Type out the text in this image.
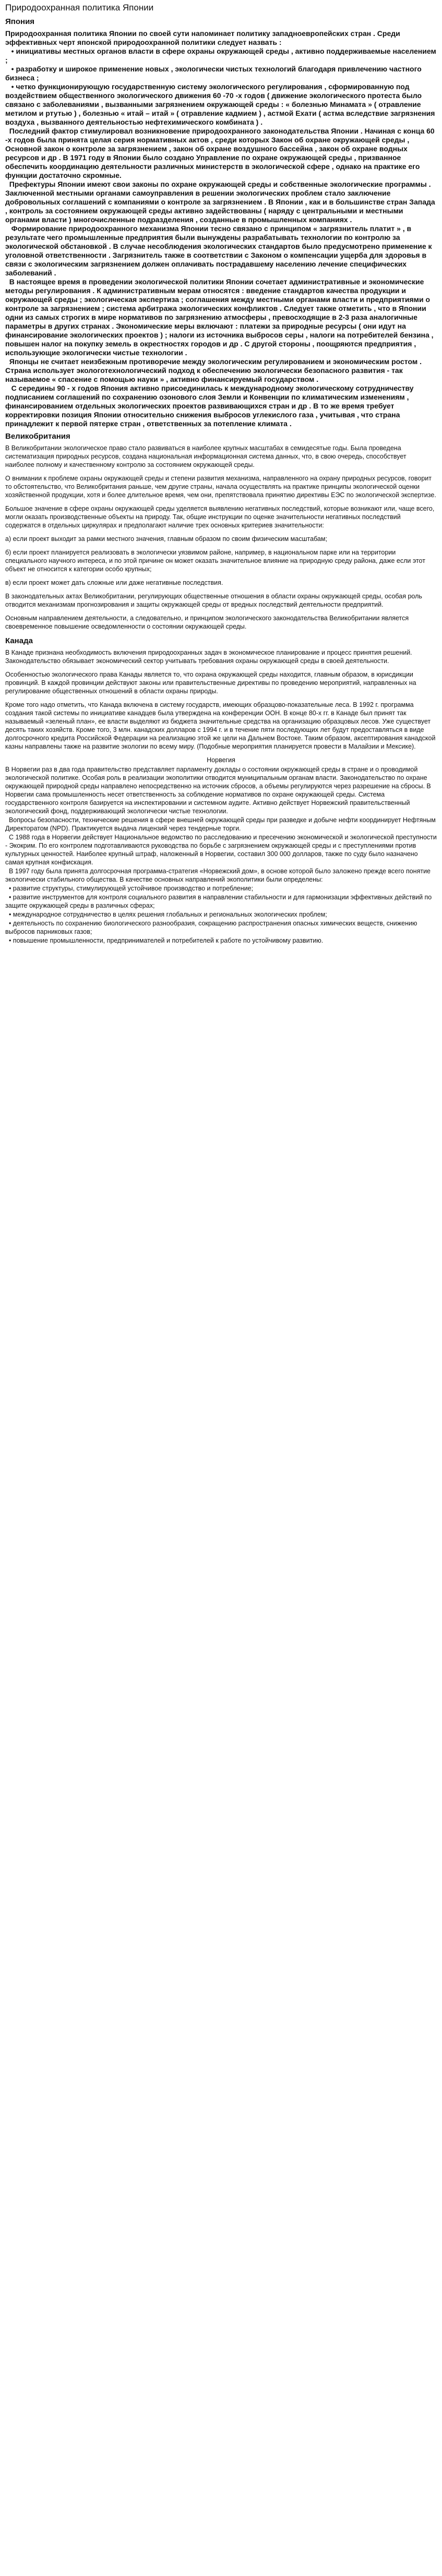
Природоохранная политика Японии
Япония

Природоохранная политика Японии по своей сути напоминает политику западноевропейских стран . Среди эффективных черт японской природоохранной политики следует назвать :

• инициативы местных органов власти в сфере охраны окружающей среды , активно поддерживаемые населением ;

• разработку и широкое применение новых , экологически чистых технологий благодаря привлечению частного бизнеса ;

• четко функционирующую государственную систему экологического регулирования , сформированную под воздействием общественного экологического движения 60 -70 -х годов ( движение экологического протеста было связано с заболеваниями , вызванными загрязнением окружающей среды : « болезнью Минамата » ( отравление метилом и ртутью ) , болезнью « итай – итай » ( отравление кадмием ) , астмой Ехати ( астма вследствие загрязнения воздуха , вызванного деятельностью нефтехимического комбината ) .

Последний фактор стимулировал возникновение природоохранного законодательства Японии . Начиная с конца 60 -х годов была принята целая серия нормативных актов , среди которых Закон об охране окружающей среды , Основной закон о контроле за загрязнением , закон об охране воздушного бассейна , закон об охране водных ресурсов и др . В 1971 году в Японии было создано Управление по охране окружающей среды , призванное обеспечить координацию деятельности различных министерств в экологической сфере , однако на практике его функции достаточно скромные.

Префектуры Японии имеют свои законы по охране окружающей среды и собственные экологические программы . Заключенной местными органами самоуправления в решении экологических проблем стало заключение добровольных соглашений с компаниями о контроле за загрязнением . В Японии , как и в большинстве стран Запада , контроль за состоянием окружающей среды активно задействованы ( наряду с центральными и местными органами власти ) многочисленные подразделения , созданные в промышленных компаниях .

Формирование природоохранного механизма Японии тесно связано с принципом « загрязнитель платит » , в результате чего промышленные предприятия были вынуждены разрабатывать технологии по контролю за экологической обстановкой . В случае несоблюдения экологических стандартов было предусмотрено применение к уголовной ответственности . Загрязнитель также в соответствии с Законом о компенсации ущерба для здоровья в связи с экологическим загрязнением должен оплачивать пострадавшему населению лечение специфических заболеваний .

В настоящее время в проведении экологической политики Японии сочетает административные и экономические методы регулирования . К административным мерам относятся : введение стандартов качества продукции и окружающей среды ; экологическая экспертиза ; соглашения между местными органами власти и предприятиями о контроле за загрязнением ; система арбитража экологических конфликтов . Следует также отметить , что в Японии одни из самых строгих в мире нормативов по загрязнению атмосферы , превосходящие в 2-3 раза аналогичные параметры в других странах . Экономические меры включают : платежи за природные ресурсы ( они идут на финансирование экологических проектов ) ; налоги из источника выбросов серы , налоги на потребителей бензина , повышен налог на покупку земель в окрестностях городов и др . С другой стороны , поощряются предприятия , использующие экологически чистые технологии .

Японцы не считает неизбежным противоречие между экологическим регулированием и экономическим ростом . Страна использует экологотехнологический подход к обеспечению экологически безопасного развития - так называемое « спасение с помощью науки » , активно финансируемый государством .

С середины 90 - х годов Япония активно присоединилась к международному экологическому сотрудничеству подписанием соглашений по сохранению озонового слоя Земли и Конвенции по климатическим изменениям , финансированием отдельных экологических проектов развивающихся стран и др . В то же время требует корректировки позиция Японии относительно снижения выбросов углекислого газа , учитывая , что страна принадлежит к первой пятерке стран , ответственных за потепление климата .

Великобритания

В Великобритании экологическое право стало развиваться в наиболее крупных масштабах в семидесятые годы. Была проведена систематизация природных ресурсов, создана национальная информационная система данных, что, в свою очередь, способствует наиболее полному и качественному контролю за состоянием окружающей среды.

О внимании к проблеме охраны окружающей среды и степени развития механизма, направленного на охрану природных ресурсов, говорит то обстоятельство, что Великобритания раньше, чем другие страны, начала осуществлять на практике принципы экологической оценки хозяйственной продукции, хотя и более длительное время, чем они, препятствовала принятию директивы ЕЭС по экологической экспертизе.

Большое значение в сфере охраны окружающей среды уделяется выявлению негативных последствий, которые возникают или, чаще всего, могли оказать производственные объекты на природу. Так, общие инструкции по оценке значительности негативных последствий содержатся в отдельных циркулярах и предполагают наличие трех основных критериев значительности:

а) если проект выходит за рамки местного значения, главным образом по своим физическим масштабам;

б) если проект планируется реализовать в экологически уязвимом районе, например, в национальном парке или на территории специального научного интереса, и по этой причине он может оказать значительное влияние на природную среду района, даже если этот объект не относится к категории особо крупных;

в) если проект может дать сложные или даже негативные последствия.

В законодательных актах Великобритании, регулирующих общественные отношения в области охраны окружающей среды, особая роль отводится механизмам прогнозирования и защиты окружающей среды от вредных последствий деятельности предприятий.

Основным направлением деятельности, а следовательно, и принципом экологического законодательства Великобритании является своевременное повышение осведомленности о состоянии окружающей среды.

Канада

В Канаде признана необходимость включения природоохранных задач в экономическое планирование и процесс принятия решений. Законодательство обязывает экономический сектор учитывать требования охраны окружающей среды в своей деятельности.

Особенностью экологического права Канады является то, что охрана окружающей среды находится, главным образом, в юрисдикции провинций. В каждой провинции действуют законы или правительственные директивы по проведению мероприятий, направленных на регулирование общественных отношений в области охраны природы.

Кроме того надо отметить, что Канада включена в систему государств, имеющих образцово-показательные леса. В 1992 г. программа создания такой системы по инициативе канадцев была утверждена на конференции ООН. В конце 80-х гг. в Канаде был принят так называемый «зеленый план», ее власти выделяют из бюджета значительные средства на организацию образцовых лесов. Уже существует десять таких хозяйств. Кроме того, 3 млн. канадских долларов с 1994 г. и в течение пяти последующих лет будут предоставляться в виде долгосрочного кредита Российской Федерации на реализацию этой же цели на Дальнем Востоке. Таким образом, аксептирования канадской казны направлены также на развитие экологии по всему миру. (Подобные мероприятия планируется провести в Малайзии и Мексике).

Норвегия

В Норвегии раз в два года правительство представляет парламенту доклады о состоянии окружающей среды в стране и о проводимой экологической политике. Особая роль в реализации экополитики отводится муниципальным органам власти. Законодательство по охране окружающей природной среды направлено непосредственно на источник сбросов, а объемы регулируются через разрешение на сбросы. В Норвегии сама промышленность несет ответственность за соблюдение нормативов по охране окружающей среды. Система государственного контроля базируется на инспектировании и системном аудите. Активно действует Норвежский правительственный экологический фонд, поддерживающий экологически чистые технологии.

Вопросы безопасности, технические решения в сфере внешней окружающей среды при разведке и добыче нефти координирует Нефтяным Директоратом (NPD). Практикуется выдача лицензий через тендерные торги.

С 1988 года в Норвегии действует Национальное ведомство по расследованию и пресечению экономической и экологической преступности - Экокрим. По его контролем подготавливаются руководства по борьбе с загрязнением окружающей среды и с преступлениями против культурных ценностей. Наиболее крупный штраф, наложенный в Норвегии, составил 300 000 долларов, также по суду было назначено самая крупная конфискация.

В 1997 году была принята долгосрочная программа-стратегия «Норвежский дом», в основе которой было заложено прежде всего понятие экологически стабильного общества. В качестве основных направлений экополитики были определены:

• развитие структуры, стимулирующей устойчивое производство и потребление;

• развитие инструментов для контроля социального развития в направлении стабильности и для гармонизации эффективных действий по защите окружающей среды в различных сферах;

• международное сотрудничество в целях решения глобальных и региональных экологических проблем;

• деятельность по сохранению биологического разнообразия, сокращению распространения опасных химических веществ, снижению выбросов парниковых газов;

• повышение промышленности, предпринимателей и потребителей к работе по устойчивому развитию.
